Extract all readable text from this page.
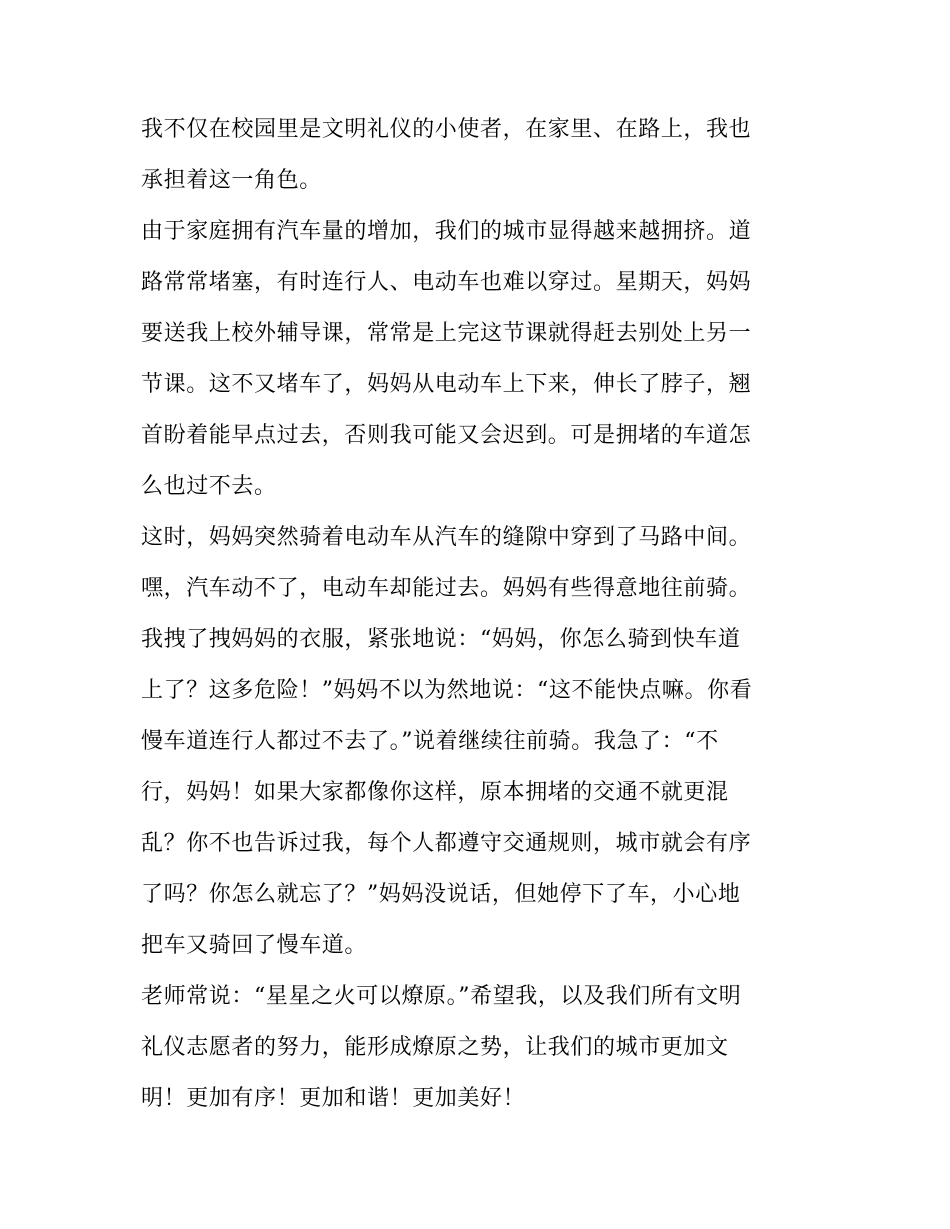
我不仅在校园里是文明礼仪的小使者，在家里、在路上，我也
承担着这一角色。
由于家庭拥有汽车量的增加，我们的城市显得越来越拥挤。道
路常常堵塞，有时连行人、电动车也难以穿过。星期天，妈妈
要送我上校外辅导课，常常是上完这节课就得赶去别处上另一
节课。这不又堵车了，妈妈从电动车上下来，伸长了脖子，翘
首盼着能早点过去，否则我可能又会迟到。可是拥堵的车道怎
么也过不去。
这时，妈妈突然骑着电动车从汽车的缝隙中穿到了马路中间。
嘿，汽车动不了，电动车却能过去。妈妈有些得意地往前骑。
我拽了拽妈妈的衣服，紧张地说：“妈妈，你怎么骑到快车道
上了？这多危险！”妈妈不以为然地说：“这不能快点嘛。你看
慢车道连行人都过不去了。”说着继续往前骑。我急了：“不
行，妈妈！如果大家都像你这样，原本拥堵的交通不就更混
乱？你不也告诉过我，每个人都遵守交通规则，城市就会有序
了吗？你怎么就忘了？”妈妈没说话，但她停下了车，小心地
把车又骑回了慢车道。
老师常说：“星星之火可以燎原。”希望我，以及我们所有文明
礼仪志愿者的努力，能形成燎原之势，让我们的城市更加文
明！更加有序！更加和谐！更加美好！
